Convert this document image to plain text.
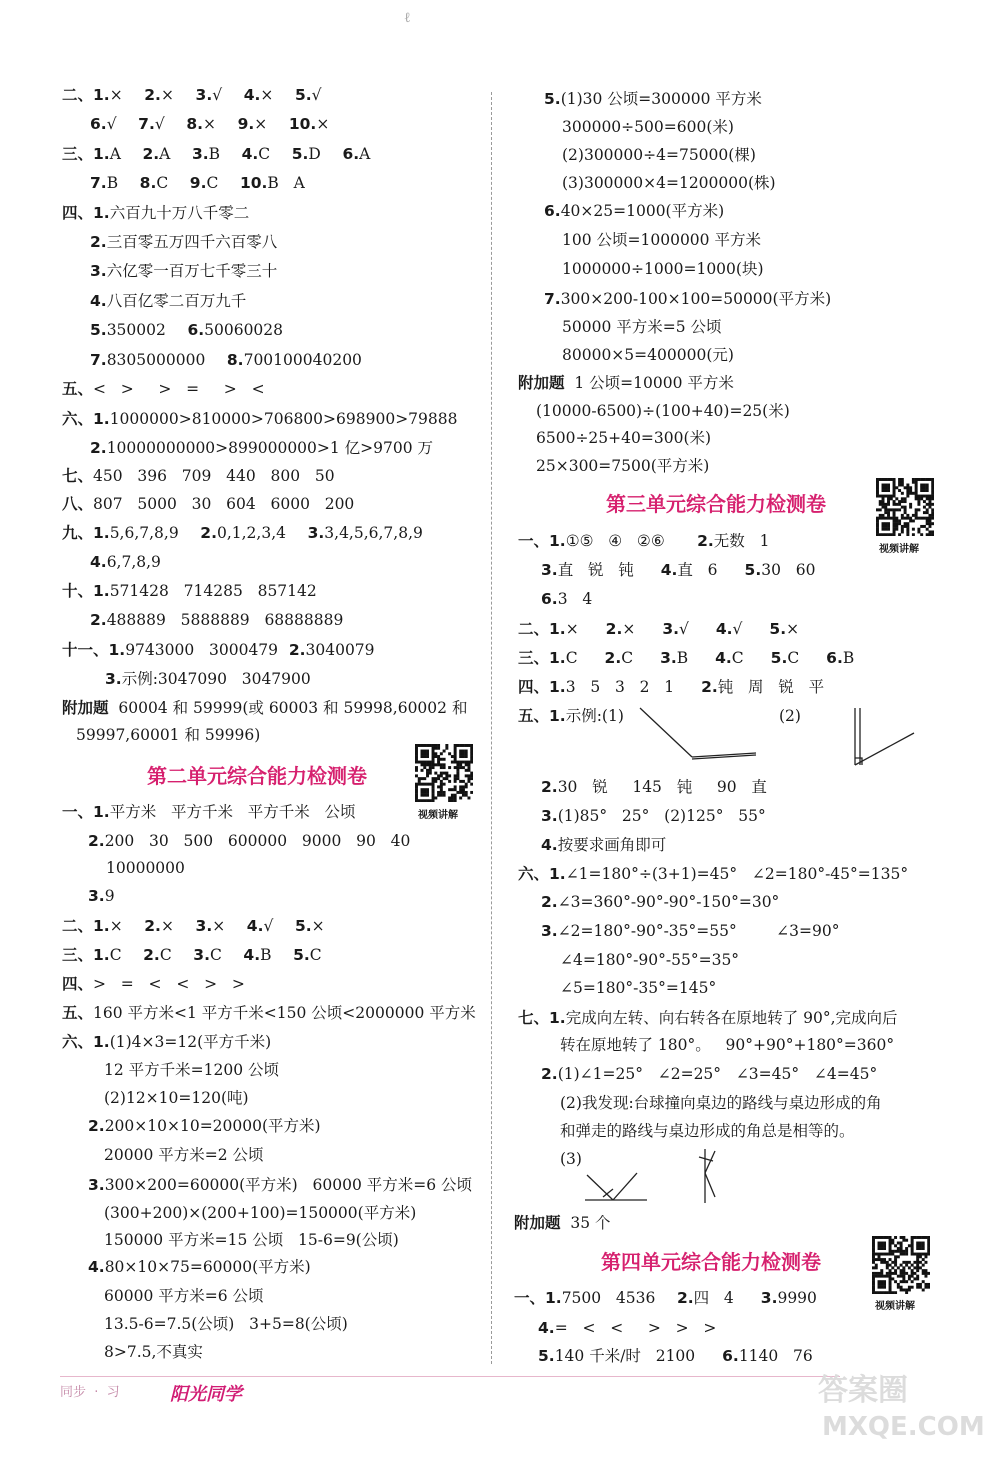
ℓ
二、1.×    2.×    3.√    4.×    5.√
6.√    7.√    8.×    9.×    10.×
三、1.A    2.A    3.B    4.C    5.D    6.A
7.B    8.C    9.C    10.B   A
四、1.六百九十万八千零二
2.三百零五万四千六百零八
3.六亿零一百万七千零三十
4.八百亿零二百万九千
5.350002    6.50060028
7.8305000000    8.700100040200
五、<   >     >   =     >   <
六、1.1000000>810000>706800>698900>79888
2.10000000000>899000000>1 亿>9700 万
七、450   396   709   440   800   50
八、807   5000   30   604   6000   200
九、1.5,6,7,8,9    2.0,1,2,3,4    3.3,4,5,6,7,8,9
4.6,7,8,9
十、1.571428   714285   857142
2.488889   5888889   68888889
十一、1.9743000   3000479  2.3040079
3.示例:3047090   3047900
附加题  60004 和 59999(或 60003 和 59998,60002 和
59997,60001 和 59996)
一、1.平方米   平方千米   平方千米   公顷
2.200   30   500   600000   9000   90   40
10000000
3.9
二、1.×    2.×    3.×    4.√    5.×
三、1.C    2.C    3.C    4.B    5.C
四、>   =   <   <   >   >
五、160 平方米<1 平方千米<150 公顷<2000000 平方米
六、1.(1)4×3=12(平方千米)
12 平方千米=1200 公顷
(2)12×10=120(吨)
2.200×10×10=20000(平方米)
20000 平方米=2 公顷
3.300×200=60000(平方米)   60000 平方米=6 公顷
(300+200)×(200+100)=150000(平方米)
150000 平方米=15 公顷   15-6=9(公顷)
4.80×10×75=60000(平方米)
60000 平方米=6 公顷
13.5-6=7.5(公顷)   3+5=8(公顷)
8>7.5,不真实
5.(1)30 公顷=300000 平方米
300000÷500=600(米)
(2)300000÷4=75000(棵)
(3)300000×4=1200000(株)
6.40×25=1000(平方米)
100 公顷=1000000 平方米
1000000÷1000=1000(块)
7.300×200-100×100=50000(平方米)
50000 平方米=5 公顷
80000×5=400000(元)
附加题  1 公顷=10000 平方米
(10000-6500)÷(100+40)=25(米)
6500÷25+40=300(米)
25×300=7500(平方米)
一、1.①⑤   ④   ②⑥      2.无数   1
3.直   锐   钝     4.直   6     5.30   60
6.3   4
二、1.×     2.×     3.√     4.√     5.×
三、1.C     2.C     3.B     4.C     5.C     6.B
四、1.3   5   3   2   1     2.钝   周   锐   平
五、1.示例:(1)	(2)
2.30   锐     145   钝     90   直
3.(1)85°   25°   (2)125°   55°
4.按要求画角即可
六、1.∠1=180°÷(3+1)=45°   ∠2=180°-45°=135°
2.∠3=360°-90°-90°-150°=30°
3.∠2=180°-90°-35°=55°        ∠3=90°
∠4=180°-90°-55°=35°
∠5=180°-35°=145°
七、1.完成向左转、向右转各在原地转了 90°,完成向后
转在原地转了 180°。   90°+90°+180°=360°
2.(1)∠1=25°   ∠2=25°   ∠3=45°   ∠4=45°
(2)我发现:台球撞向桌边的路线与桌边形成的角
和弹走的路线与桌边形成的角总是相等的。
(3)
附加题  35 个
一、1.7500   4536    2.四   4     3.9990
4.=   <   <     >   >   >
5.140 千米/时   2100     6.1140   76
第二单元综合能力检测卷
第三单元综合能力检测卷
第四单元综合能力检测卷
视频讲解
视频讲解
视频讲解
同步  ·  习	阳光同学	答案圈
MXQE.COM
